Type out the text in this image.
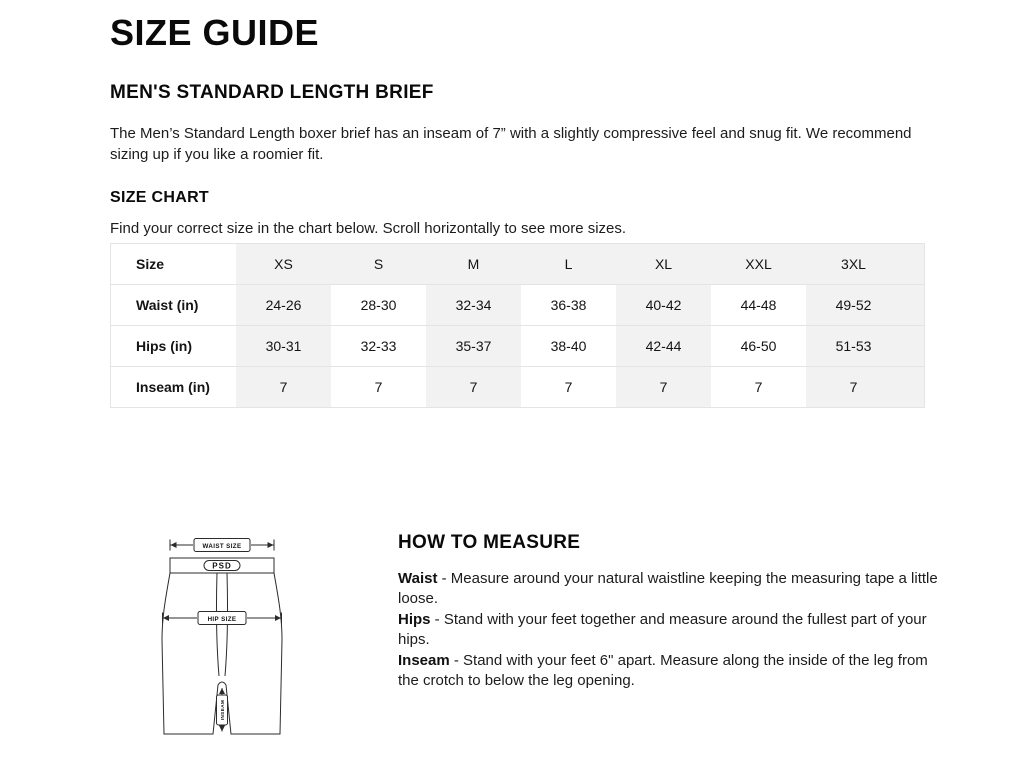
SIZE GUIDE
MEN'S STANDARD LENGTH BRIEF

The Men’s Standard Length boxer brief has an inseam of 7” with a slightly compressive feel and snug fit. We recommend sizing up if you like a roomier fit.

SIZE CHART

Find your correct size in the chart below. Scroll horizontally to see more sizes.

Size	XS	S	M	L	XL	XXL	3XL	
Waist (in)	24-26	28-30	32-34	36-38	40-42	44-48	49-52	
Hips (in)	30-31	32-33	35-37	38-40	42-44	46-50	51-53	
Inseam (in)	7	7	7	7	7	7	7	
WAIST SIZE
PSD
HIP SIZE
INSEAM
HOW TO MEASURE

Waist - Measure around your natural waistline keeping the measuring tape a little loose.

Hips - Stand with your feet together and measure around the fullest part of your hips.

Inseam - Stand with your feet 6" apart. Measure along the inside of the leg from the crotch to below the leg opening.
